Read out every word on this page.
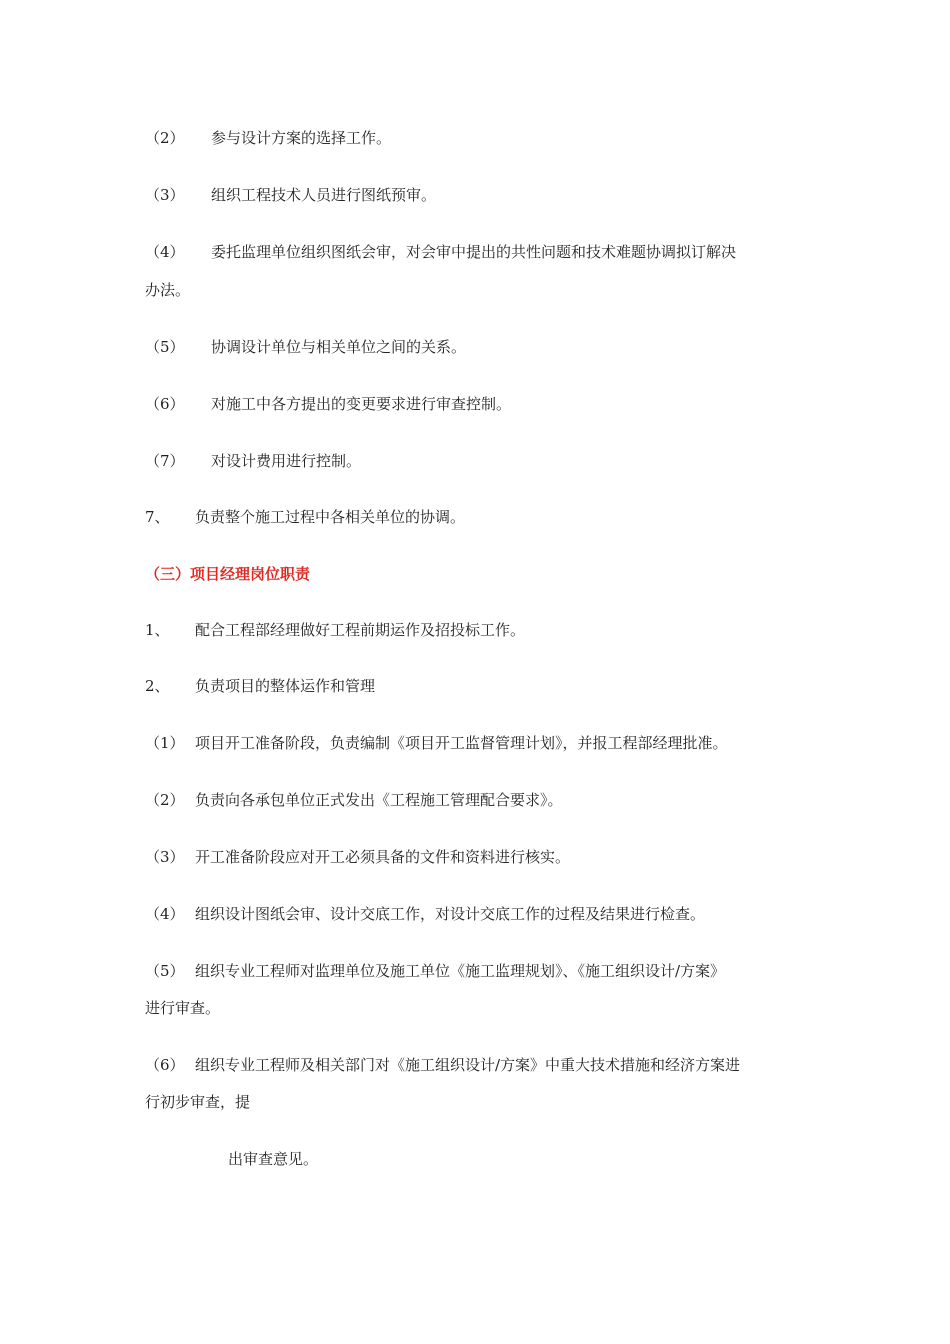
（2） 参与设计方案的选择工作。
（3） 组织工程技术人员进行图纸预审。
（4） 委托监理单位组织图纸会审，对会审中提出的共性问题和技术难题协调拟订解决
办法。
（5） 协调设计单位与相关单位之间的关系。
（6） 对施工中各方提出的变更要求进行审查控制。
（7） 对设计费用进行控制。
7、 负责整个施工过程中各相关单位的协调。
（三）项目经理岗位职责
1、 配合工程部经理做好工程前期运作及招投标工作。
2、 负责项目的整体运作和管理
（1） 项目开工准备阶段，负责编制《项目开工监督管理计划》，并报工程部经理批准。
（2） 负责向各承包单位正式发出《工程施工管理配合要求》。
（3） 开工准备阶段应对开工必须具备的文件和资料进行核实。
（4） 组织设计图纸会审、设计交底工作，对设计交底工作的过程及结果进行检查。
（5） 组织专业工程师对监理单位及施工单位《施工监理规划》、《施工组织设计/方案》
进行审查。
（6） 组织专业工程师及相关部门对《施工组织设计/方案》中重大技术措施和经济方案进
行初步审查，提
出审查意见。
